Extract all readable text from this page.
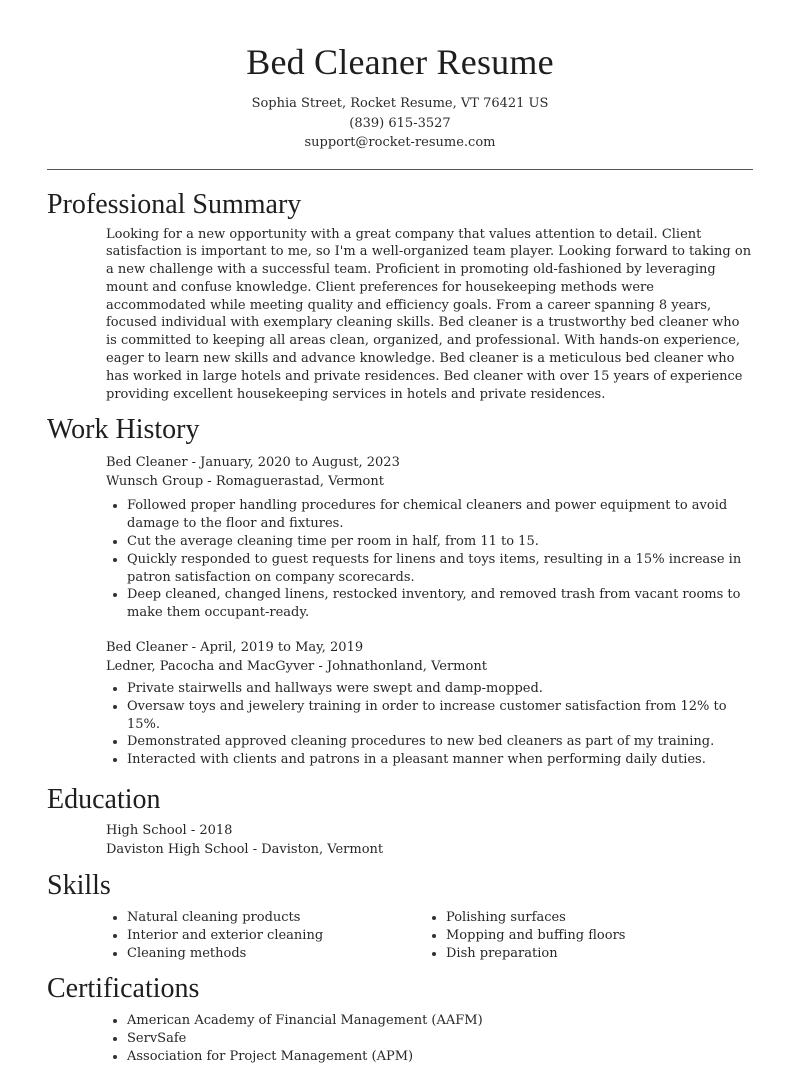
Bed Cleaner Resume
Sophia Street, Rocket Resume, VT 76421 US
(839) 615-3527
support@rocket-resume.com
Professional Summary

Looking for a new opportunity with a great company that values attention to detail. Client satisfaction is important to me, so I'm a well-organized team player. Looking forward to taking on a new challenge with a successful team. Proficient in promoting old-fashioned by leveraging mount and confuse knowledge. Client preferences for housekeeping methods were accommodated while meeting quality and efficiency goals. From a career spanning 8 years, focused individual with exemplary cleaning skills. Bed cleaner is a trustworthy bed cleaner who is committed to keeping all areas clean, organized, and professional. With hands-on experience, eager to learn new skills and advance knowledge. Bed cleaner is a meticulous bed cleaner who has worked in large hotels and private residences. Bed cleaner with over 15 years of experience providing excellent housekeeping services in hotels and private residences.

Work History
Bed Cleaner - January, 2020 to August, 2023
Wunsch Group - Romaguerastad, Vermont
Followed proper handling procedures for chemical cleaners and power equipment to avoid damage to the floor and fixtures.
Cut the average cleaning time per room in half, from 11 to 15.
Quickly responded to guest requests for linens and toys items, resulting in a 15% increase in patron satisfaction on company scorecards.
Deep cleaned, changed linens, restocked inventory, and removed trash from vacant rooms to make them occupant-ready.
Bed Cleaner - April, 2019 to May, 2019
Ledner, Pacocha and MacGyver - Johnathonland, Vermont
Private stairwells and hallways were swept and damp-mopped.
Oversaw toys and jewelery training in order to increase customer satisfaction from 12% to 15%.
Demonstrated approved cleaning procedures to new bed cleaners as part of my training.
Interacted with clients and patrons in a pleasant manner when performing daily duties.
Education
High School - 2018
Daviston High School - Daviston, Vermont
Skills
Natural cleaning products
Interior and exterior cleaning
Cleaning methods
Polishing surfaces
Mopping and buffing floors
Dish preparation
Certifications
American Academy of Financial Management (AAFM)
ServSafe
Association for Project Management (APM)
